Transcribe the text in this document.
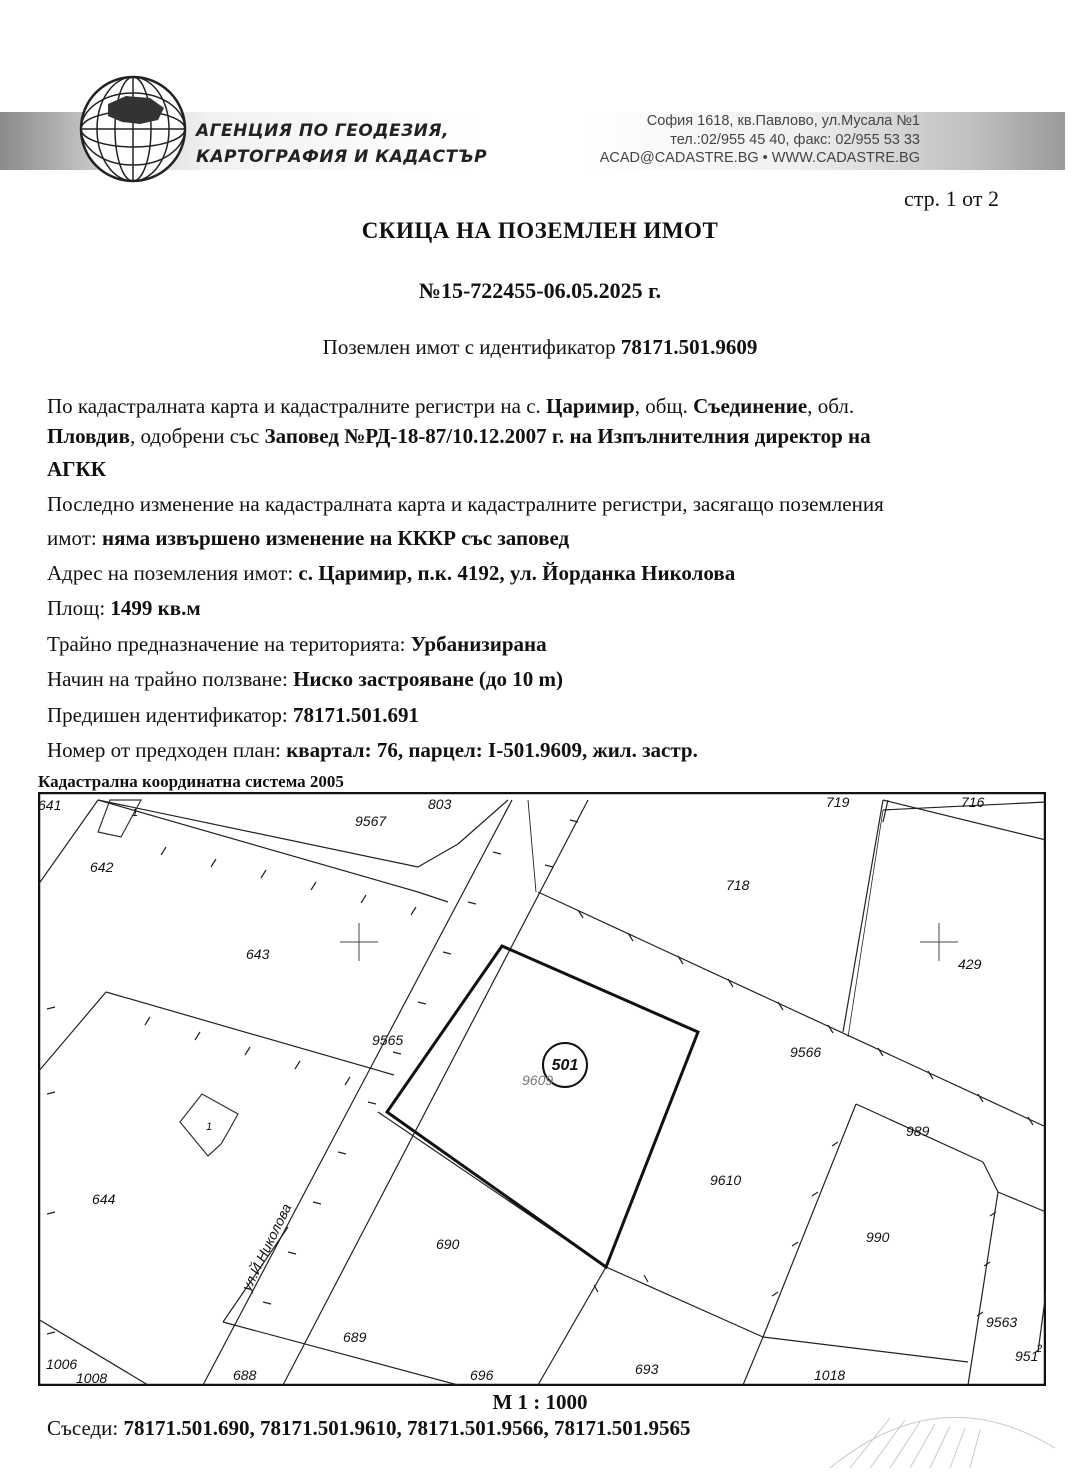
АГЕНЦИЯ ПО ГЕОДЕЗИЯ,
КАРТОГРАФИЯ И КАДАСТЪР
София 1618, кв.Павлово, ул.Мусала №1
тел.:02/955 45 40, факс: 02/955 53 33
ACAD@CADASTRE.BG • WWW.CADASTRE.BG
стр. 1 от 2
СКИЦА НА ПОЗЕМЛЕН ИМОТ
№15-722455-06.05.2025 г.
Поземлен имот с идентификатор 78171.501.9609
По кадастралната карта и кадастралните регистри на с. Царимир, общ. Съединение, обл.
Пловдив, одобрени със Заповед №РД-18-87/10.12.2007 г. на Изпълнителния директор на
АГКК
Последно изменение на кадастралната карта и кадастралните регистри, засягащо поземления
имот: няма извършено изменение на КККР със заповед
Адрес на поземления имот: с. Царимир, п.к. 4192, ул. Йорданка Николова
Площ: 1499 кв.м
Трайно предназначение на територията: Урбанизирана
Начин на трайно ползване: Ниско застрояване (до 10 m)
Предишен идентификатор: 78171.501.691
Номер от предходен план: квартал: 76, парцел: I-501.9609, жил. застр.
Кадастрална координатна система 2005
641
642
803
9567
719	716
718
643
429
9565
9566
9609
9610
990
644
690
689
9563
1006
1008	688	696	693	1018
951
1
1
2
989
501
ул.Й.Николова
М 1 : 1000
Съседи: 78171.501.690, 78171.501.9610, 78171.501.9566, 78171.501.9565
